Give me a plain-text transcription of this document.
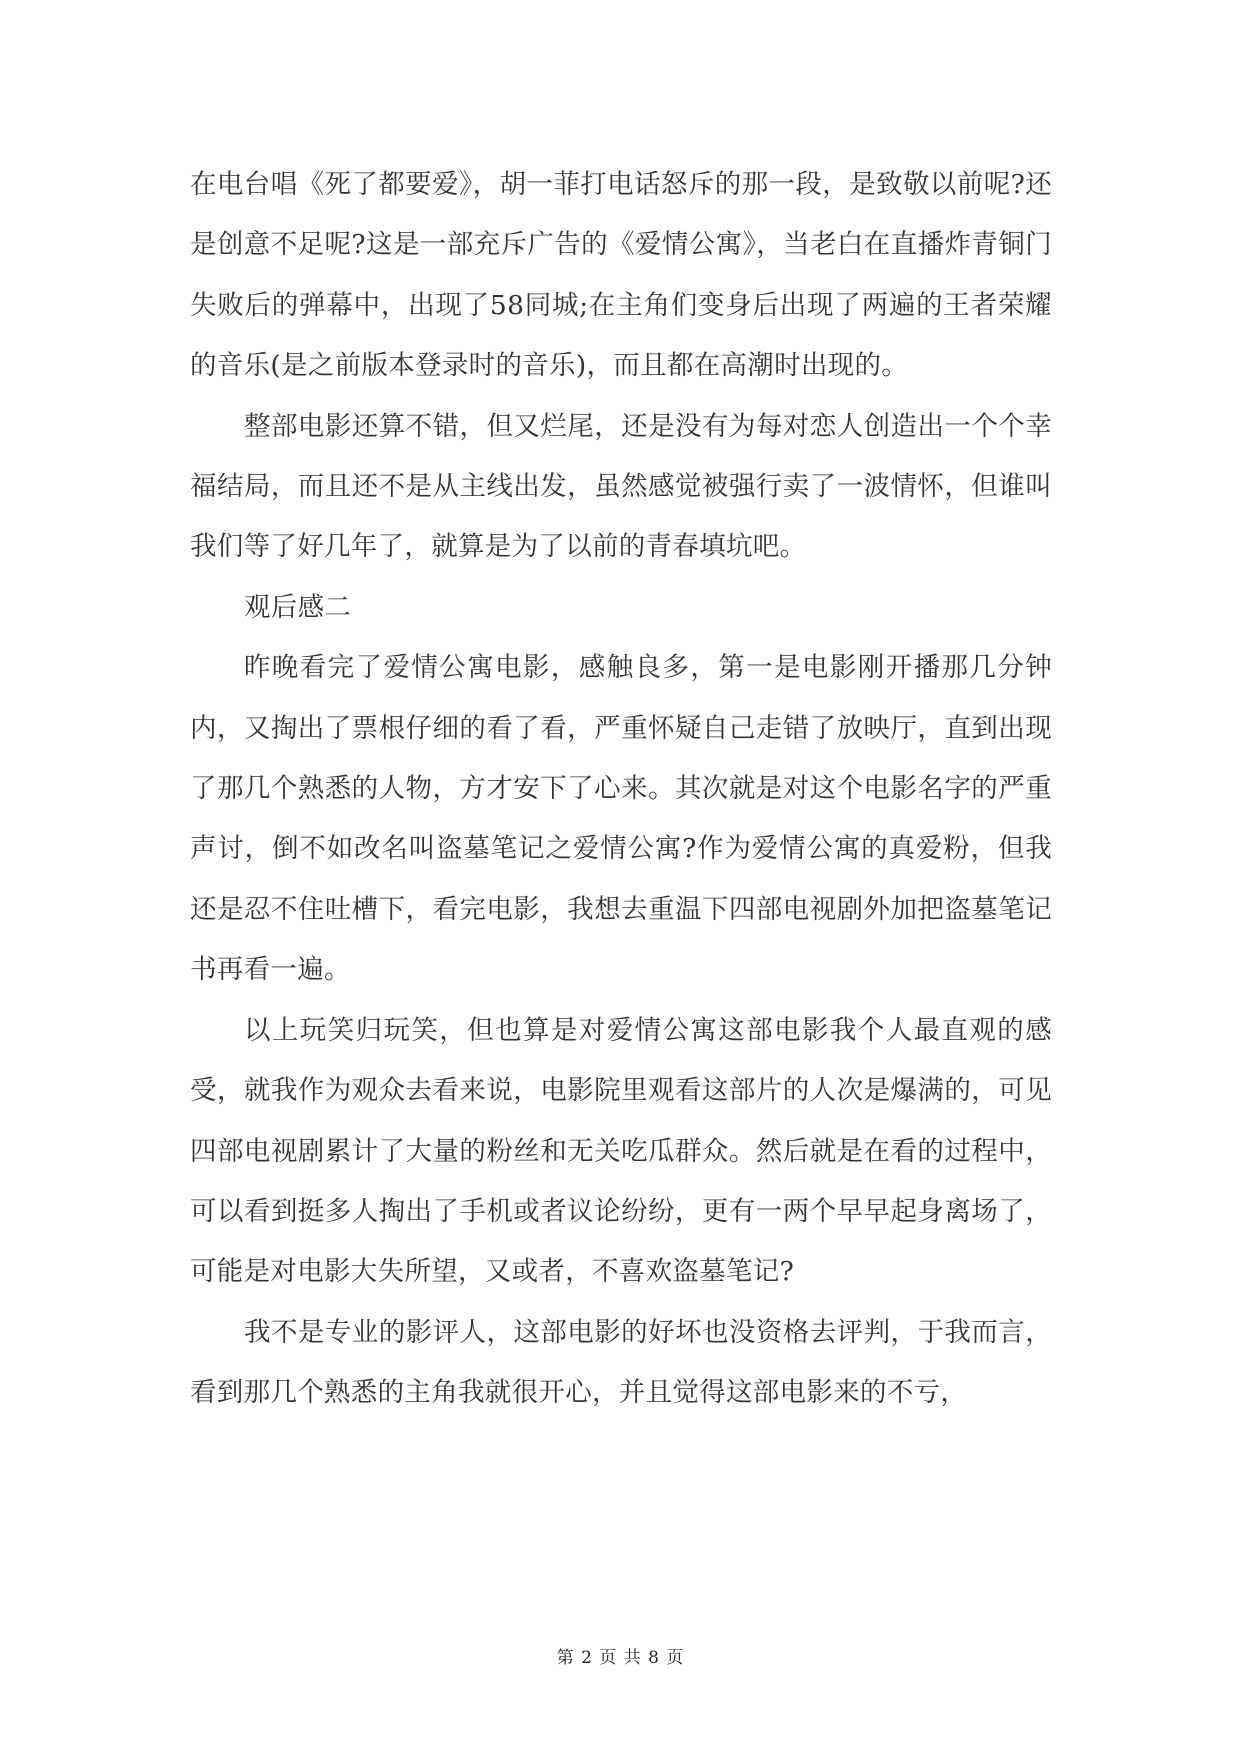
在电台唱《死了都要爱》，胡一菲打电话怒斥的那一段，是致敬以前呢?还是创意不足呢?这是一部充斥广告的《爱情公寓》，当老白在直播炸青铜门失败后的弹幕中，出现了58同城;在主角们变身后出现了两遍的王者荣耀的音乐(是之前版本登录时的音乐)，而且都在高潮时出现的。

整部电影还算不错，但又烂尾，还是没有为每对恋人创造出一个个幸福结局，而且还不是从主线出发，虽然感觉被强行卖了一波情怀，但谁叫我们等了好几年了，就算是为了以前的青春填坑吧。

观后感二

昨晚看完了爱情公寓电影，感触良多，第一是电影刚开播那几分钟内，又掏出了票根仔细的看了看，严重怀疑自己走错了放映厅，直到出现了那几个熟悉的人物，方才安下了心来。其次就是对这个电影名字的严重声讨，倒不如改名叫盗墓笔记之爱情公寓?作为爱情公寓的真爱粉，但我还是忍不住吐槽下，看完电影，我想去重温下四部电视剧外加把盗墓笔记书再看一遍。

以上玩笑归玩笑，但也算是对爱情公寓这部电影我个人最直观的感受，就我作为观众去看来说，电影院里观看这部片的人次是爆满的，可见四部电视剧累计了大量的粉丝和无关吃瓜群众。然后就是在看的过程中，可以看到挺多人掏出了手机或者议论纷纷，更有一两个早早起身离场了，可能是对电影大失所望，又或者，不喜欢盗墓笔记?

我不是专业的影评人，这部电影的好坏也没资格去评判，于我而言，看到那几个熟悉的主角我就很开心，并且觉得这部电影来的不亏，

第 2 页 共 8 页
